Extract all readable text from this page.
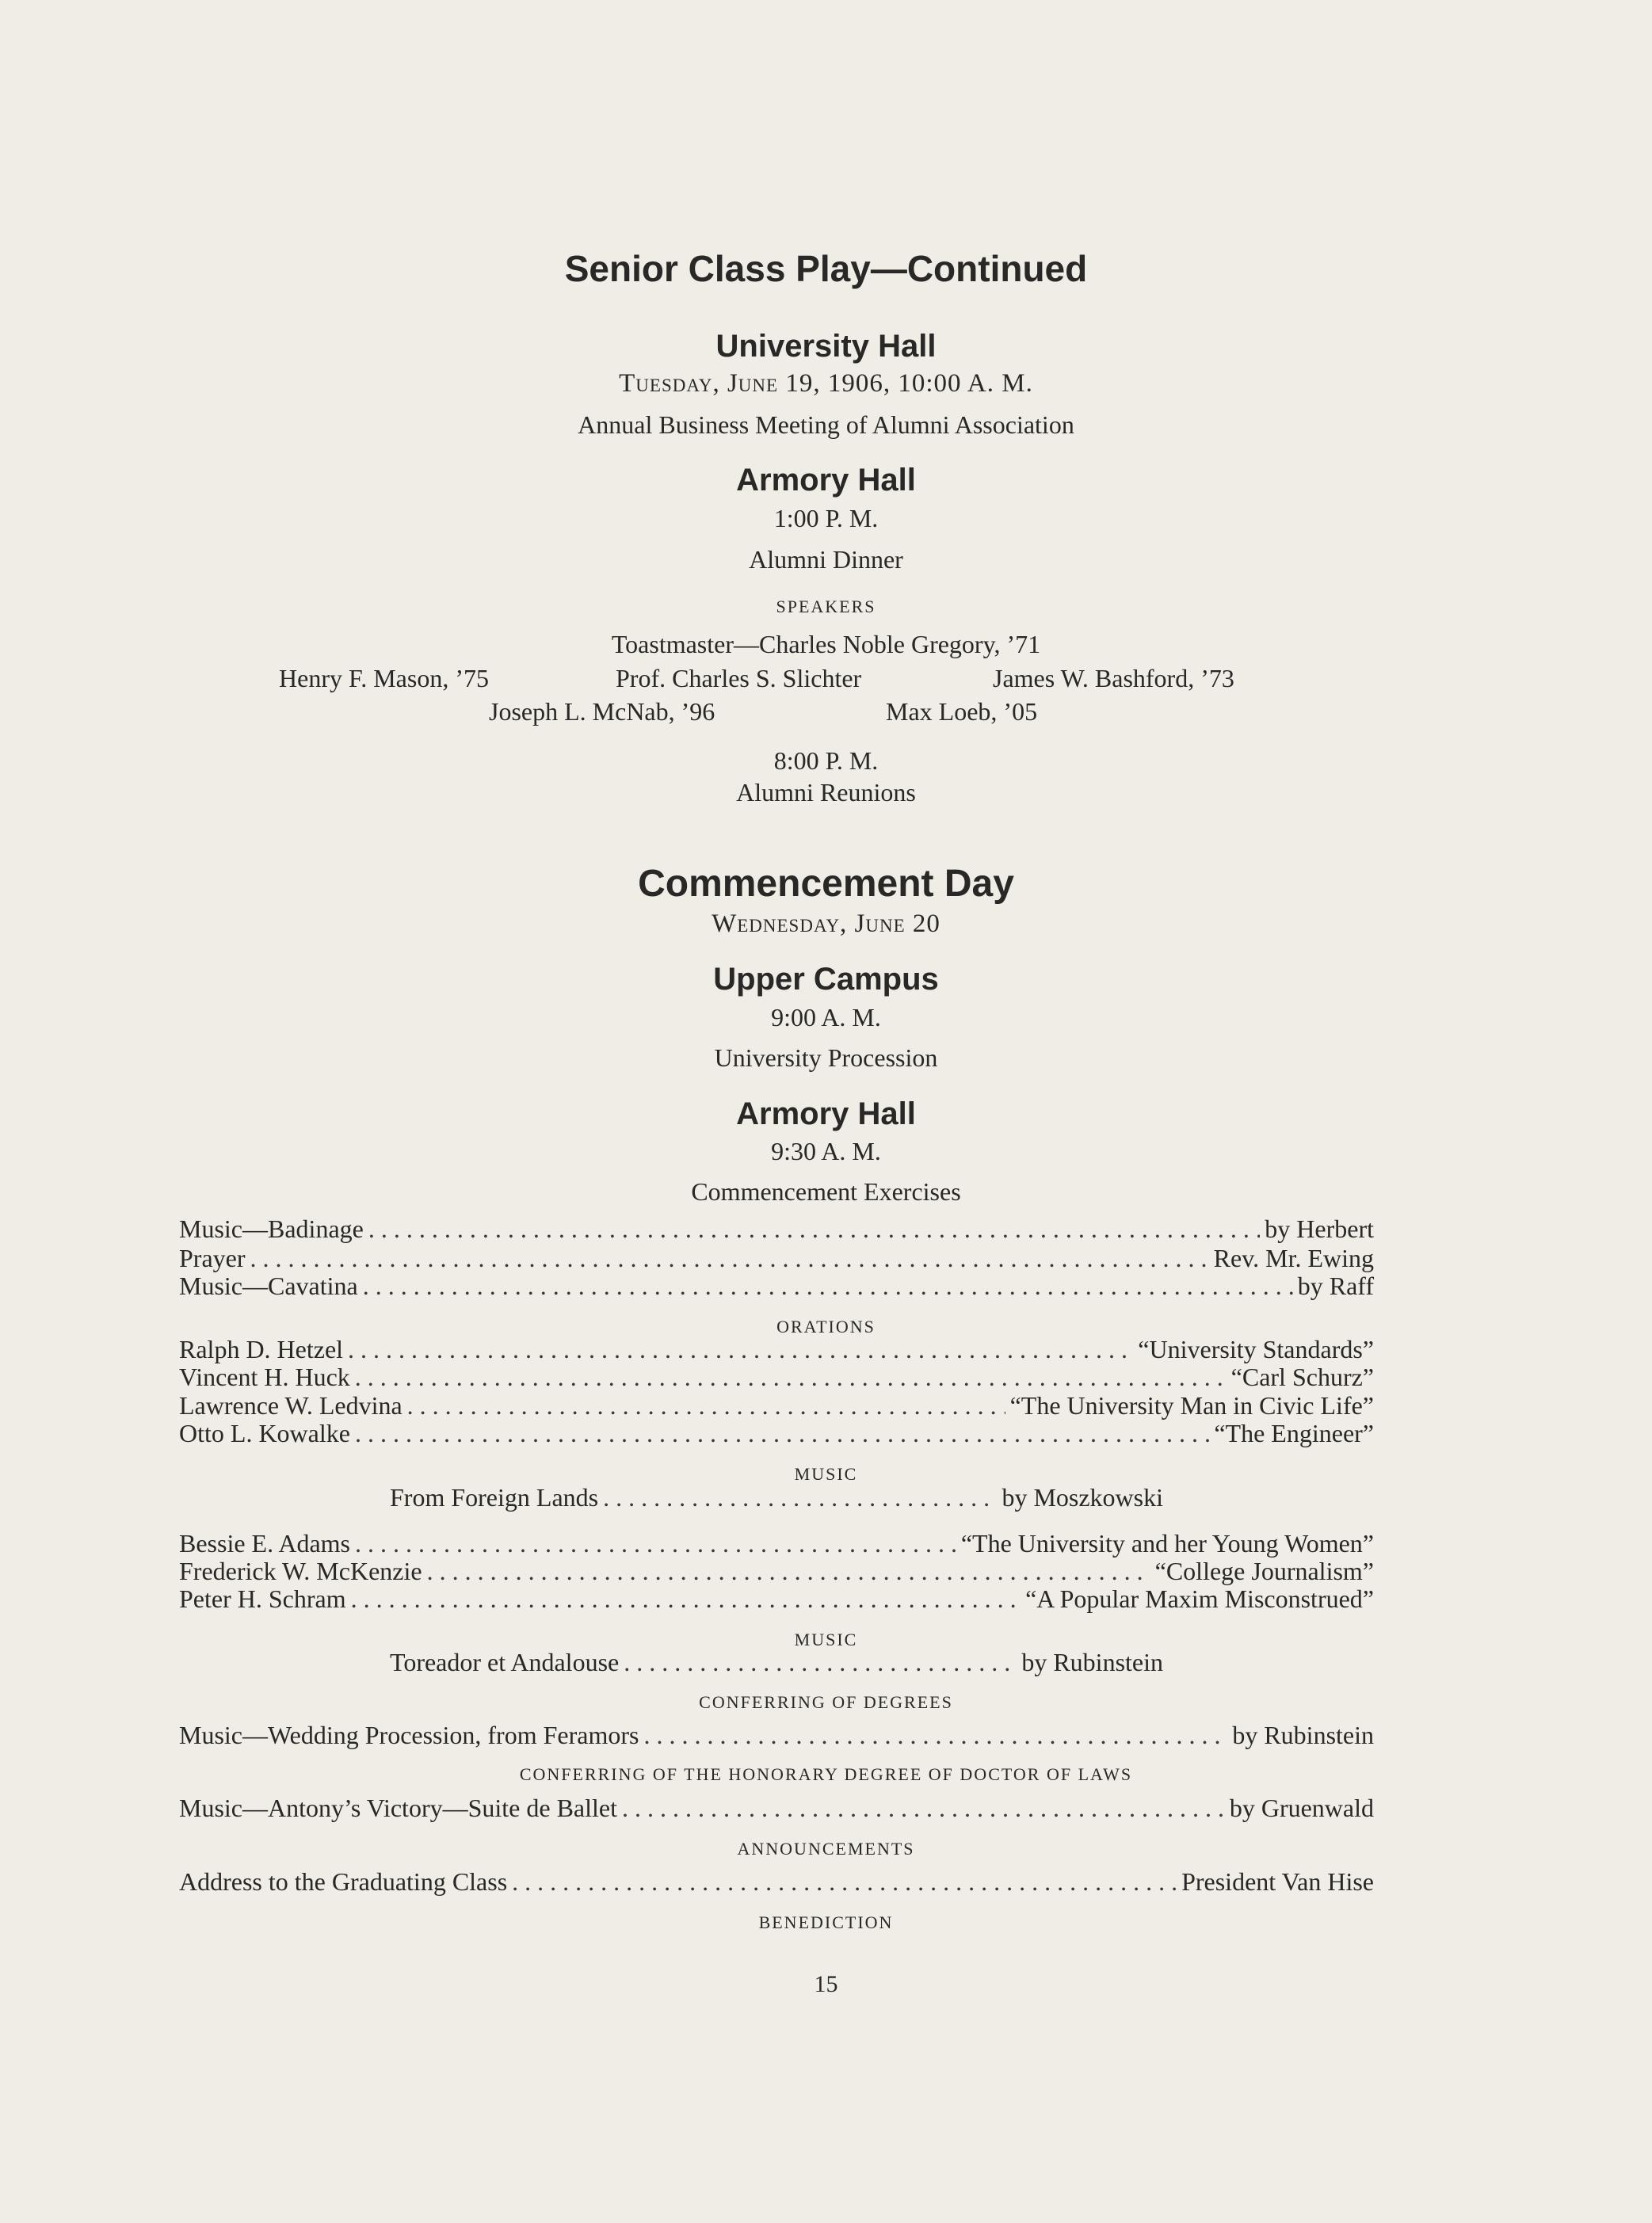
Senior Class Play—Continued
University Hall
Tuesday, June 19, 1906, 10:00 A. M.
Annual Business Meeting of Alumni Association
Armory Hall
1:00 P. M.
Alumni Dinner
SPEAKERS
Toastmaster—Charles Noble Gregory, ’71
Henry F. Mason, ’75	Prof. Charles S. Slichter	James W. Bashford, ’73
Joseph L. McNab, ’96	Max Loeb, ’05
8:00 P. M.
Alumni Reunions
Commencement Day
Wednesday, June 20
Upper Campus
9:00 A. M.
University Procession
Armory Hall
9:30 A. M.
Commencement Exercises
Music—Badinage . . .	by Herbert
Prayer . . .	Rev. Mr. Ewing
Music—Cavatina . . .	by Raff
ORATIONS
Ralph D. Hetzel . . .	“University Standards”
Vincent H. Huck . . .	“Carl Schurz”
Lawrence W. Ledvina . . .	“The University Man in Civic Life”
Otto L. Kowalke . . .	“The Engineer”
MUSIC
From Foreign Lands . . .	by Moszkowski
Bessie E. Adams . . .	“The University and her Young Women”
Frederick W. McKenzie . . .	“College Journalism”
Peter H. Schram . . .	“A Popular Maxim Misconstrued”
MUSIC
Toreador et Andalouse . . .	by Rubinstein
CONFERRING OF DEGREES
Music—Wedding Procession, from Feramors . . .	by Rubinstein
CONFERRING OF THE HONORARY DEGREE OF DOCTOR OF LAWS
Music—Antony’s Victory—Suite de Ballet . . .	by Gruenwald
ANNOUNCEMENTS
Address to the Graduating Class . . .	President Van Hise
BENEDICTION
15
